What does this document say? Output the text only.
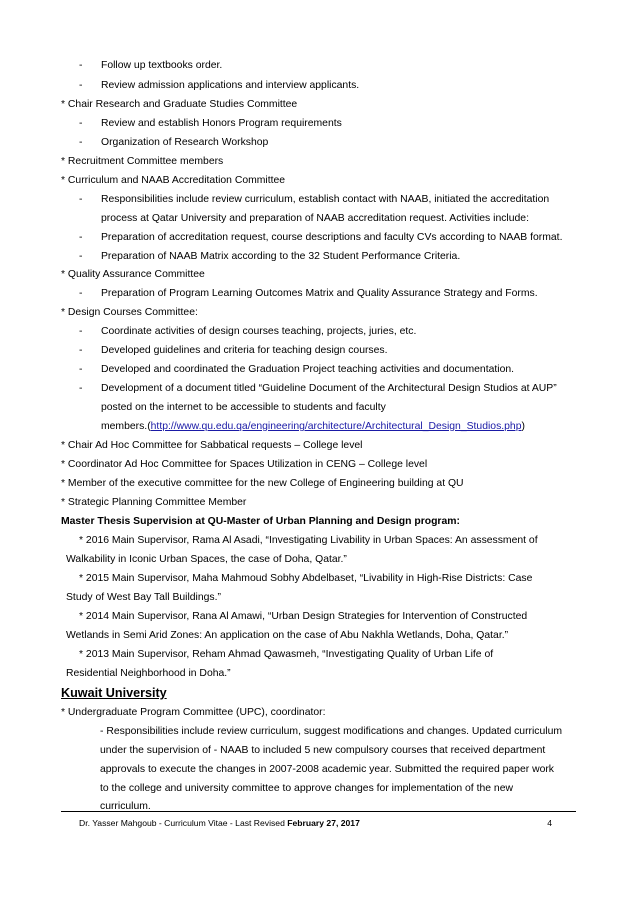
- Follow up textbooks order.
- Review admission applications and interview applicants.
* Chair Research and Graduate Studies Committee
- Review and establish Honors Program requirements
- Organization of Research Workshop
* Recruitment Committee members
* Curriculum and NAAB Accreditation Committee
- Responsibilities include review curriculum, establish contact with NAAB, initiated the accreditation
process at Qatar University and preparation of NAAB accreditation request. Activities include:
- Preparation of accreditation request, course descriptions and faculty CVs according to NAAB format.
- Preparation of NAAB Matrix according to the 32 Student Performance Criteria.
* Quality Assurance Committee
- Preparation of Program Learning Outcomes Matrix and Quality Assurance Strategy and Forms.
* Design Courses Committee:
- Coordinate activities of design courses teaching, projects, juries, etc.
- Developed guidelines and criteria for teaching design courses.
- Developed and coordinated the Graduation Project teaching activities and documentation.
- Development of a document titled “Guideline Document of the Architectural Design Studios at AUP”
posted on the internet to be accessible to students and faculty
members.(http://www.qu.edu.qa/engineering/architecture/Architectural_Design_Studios.php)
* Chair Ad Hoc Committee for Sabbatical requests – College level
* Coordinator Ad Hoc Committee for Spaces Utilization in CENG – College level
* Member of the executive committee for the new College of Engineering building at QU
* Strategic Planning Committee Member
Master Thesis Supervision at QU-Master of Urban Planning and Design program:
* 2016 Main Supervisor, Rama Al Asadi, “Investigating Livability in Urban Spaces: An assessment of
Walkability in Iconic Urban Spaces, the case of Doha, Qatar.”
* 2015 Main Supervisor, Maha Mahmoud Sobhy Abdelbaset, “Livability in High-Rise Districts: Case
Study of West Bay Tall Buildings.”
* 2014 Main Supervisor, Rana Al Amawi, “Urban Design Strategies for Intervention of Constructed
Wetlands in Semi Arid Zones: An application on the case of Abu Nakhla Wetlands, Doha, Qatar.”
* 2013 Main Supervisor, Reham Ahmad Qawasmeh, “Investigating Quality of Urban Life of
Residential Neighborhood in Doha.”
Kuwait University
* Undergraduate Program Committee (UPC), coordinator:
- Responsibilities include review curriculum, suggest modifications and changes. Updated curriculum
under the supervision of - NAAB to included 5 new compulsory courses that received department
approvals to execute the changes in 2007-2008 academic year. Submitted the required paper work
to the college and university committee to approve changes for implementation of the new
curriculum.
Dr. Yasser Mahgoub - Curriculum Vitae - Last Revised February 27, 2017	4
